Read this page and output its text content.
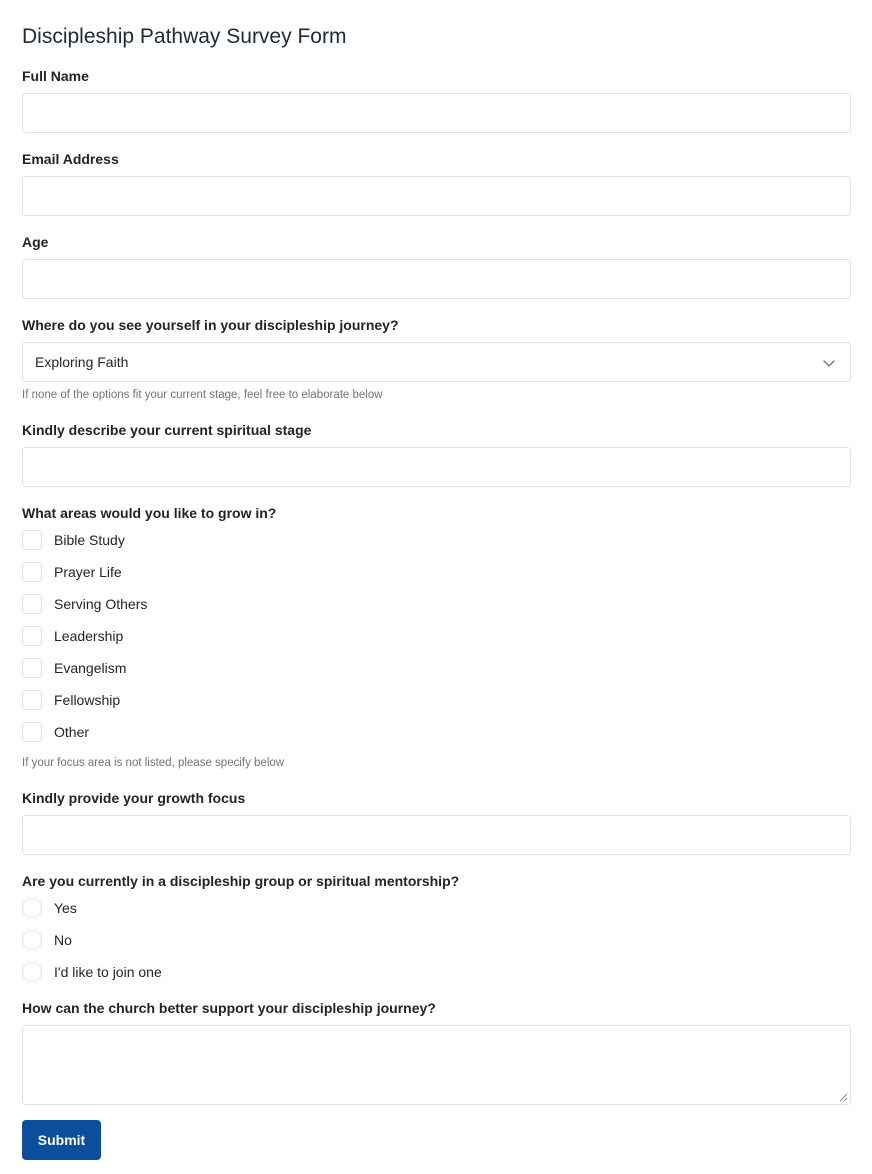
Discipleship Pathway Survey Form
Full Name
Email Address
Age
Where do you see yourself in your discipleship journey?
Exploring Faith
If none of the options fit your current stage, feel free to elaborate below
Kindly describe your current spiritual stage
What areas would you like to grow in?
Bible Study
Prayer Life
Serving Others
Leadership
Evangelism
Fellowship
Other
If your focus area is not listed, please specify below
Kindly provide your growth focus
Are you currently in a discipleship group or spiritual mentorship?
Yes
No
I'd like to join one
How can the church better support your discipleship journey?
Submit
